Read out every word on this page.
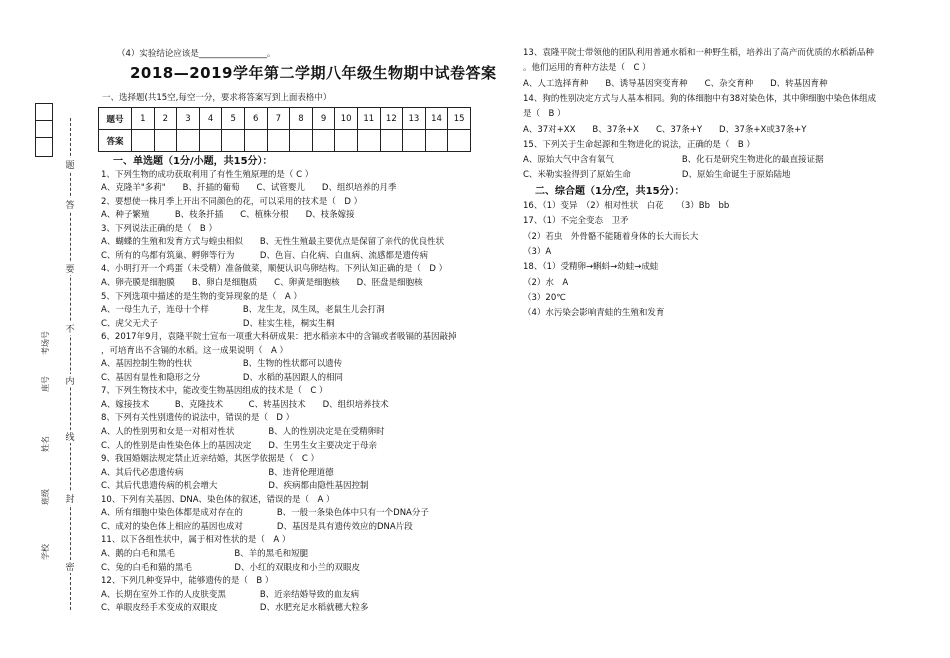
题
答
要
不
内
线
封
密
考场号
座号
姓名
班级
学校
（4）实验结论应该是________________。
2018—2019学年第二学期八年级生物期中试卷答案
一、选择题(共15空,每空一分，要求将答案写到上面表格中）
题号	1	2	3	4	5	6	7	8	9	10	11	12	13	14	15
答案															
一、单选题（1分/小题，共15分）：
1、下列生物的成功获取利用了有性生殖原理的是（ C ）
A、克隆羊"多莉"　　B、扦插的葡萄　　C、试管婴儿　　D、组织培养的月季
2、要想使一株月季上开出不同颜色的花，可以采用的技术是（　D ）
A、种子繁殖　　　B、枝条扦插　　C、植株分根　　D、枝条嫁接
3、下列说法正确的是（　B ）
A、蝴蝶的生殖和发育方式与蝗虫相似　　B、无性生殖最主要优点是保留了亲代的优良性状
C、所有的鸟都有筑巢、孵卵等行为　　　D、色盲、白化病、白血病、流感都是遗传病
4、小明打开一个鸡蛋（未受精）准备做菜，顺便认识鸟卵结构。下列认知正确的是（　D ）
A、卵壳膜是细胞膜　　B、卵白是细胞质　　C、卵黄是细胞核　　D、胚盘是细胞核
5、下列选项中描述的是生物的变异现象的是（　A ）
A、一母生九子，连母十个样　　　　B、龙生龙，凤生凤，老鼠生儿会打洞
C、虎父无犬子　　　　　　　　　　D、桂实生桂，桐实生桐
6、2017年9月，袁隆平院士宣布一项重大科研成果：把水稻亲本中的含镉或者吸镉的基因敲掉
，可培育出不含镉的水稻。这一成果说明（　A ）
A、基因控制生物的性状　　　　　　B、生物的性状都可以遗传
C、基因有显性和隐形之分　　　　　D、水稻的基因跟人的相同
7、下列生物技术中，能改变生物基因组成的技术是（　C ）
A、嫁接技术　　　B、克隆技术　　　C、转基因技术　　D、组织培养技术
8、下列有关性别遗传的说法中，错误的是（　D ）
A、人的性别男和女是一对相对性状　　　　B、人的性别决定是在受精卵时
C、人的性别是由性染色体上的基因决定　　D、生男生女主要决定于母亲
9、我国婚姻法规定禁止近亲结婚，其医学依据是（　C ）
A、其后代必患遗传病　　　　　　　　　　B、违背伦理道德
C、其后代患遗传病的机会增大　　　　　　D、疾病都由隐性基因控制
10、下列有关基因、DNA、染色体的叙述，错误的是（　A ）
A、所有细胞中染色体都是成对存在的　　　　B、一般一条染色体中只有一个DNA分子
C、成对的染色体上相应的基因也成对　　　　D、基因是具有遗传效应的DNA片段
11、以下各组性状中，属于相对性状的是（　A ）
A、鹅的白毛和黑毛　　　　　　　B、羊的黑毛和短腿
C、兔的白毛和猫的黑毛　　　　　D、小红的双眼皮和小兰的双眼皮
12、下列几种变异中，能够遗传的是（　B ）
A、长期在室外工作的人皮肤变黑　　　　B、近亲结婚导致的血友病
C、单眼皮经手术变成的双眼皮　　　　　D、水肥充足水稻就穗大粒多
13、袁隆平院士带领他的团队利用普通水稻和一种野生稻，培养出了高产而优质的水稻新品种
。他们运用的育种方法是（　C ）
A、人工选择育种　　B、诱导基因突变育种　　C、杂交育种　　D、转基因育种
14、狗的性别决定方式与人基本相同。狗的体细胞中有38对染色体，其中卵细胞中染色体组成
是（　B ）
A、37对+XX　　B、37条+X　　C、37条+Y　　D、37条+X或37条+Y
15、下列关于生命起源和生物进化的说法，正确的是（　B ）
A、原始大气中含有氧气　　　　　　　　B、化石是研究生物进化的最直接证据
C、米勒实验得到了原始生命　　　　　　D、原始生命诞生于原始陆地
二、综合题（1分/空，共15分）：
16、（1）变异　（2）相对性状　白花　　（3）Bb　bb
17、（1）不完全变态　卫矛
（2）若虫　外骨骼不能随着身体的长大而长大
（3）A
18、（1）受精卵→蝌蚪→幼蛙→成蛙
（2）水　A
（3）20℃
（4）水污染会影响青蛙的生殖和发育
